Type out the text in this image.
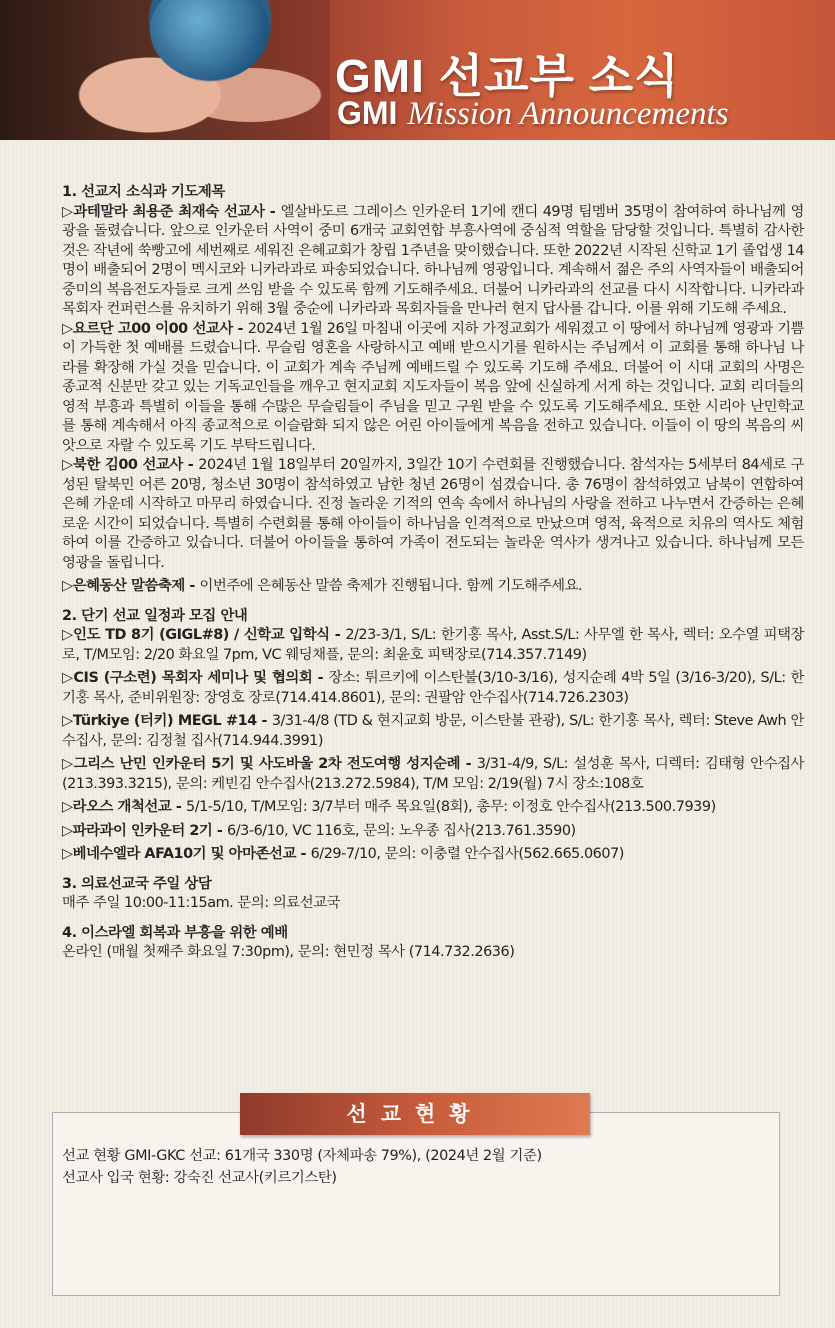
GMI 선교부 소식
GMI Mission Announcements
1. 선교지 소식과 기도제목
▷과테말라 최용준 최재숙 선교사 - 엘살바도르 그레이스 인카운터 1기에 캔디 49명 팀멤버 35명이 참여하여 하나님께 영광을 돌렸습니다. 앞으로 인카운터 사역이 중미 6개국 교회연합 부흥사역에 중심적 역할을 담당할 것입니다. 특별히 감사한 것은 작년에 쑥빵고에 세번째로 세워진 은혜교회가 창립 1주년을 맞이했습니다. 또한 2022년 시작된 신학교 1기 졸업생 14명이 배출되어 2명이 멕시코와 니카라과로 파송되었습니다. 하나님께 영광입니다. 계속해서 젊은 주의 사역자들이 배출되어 중미의 복음전도자들로 크게 쓰임 받을 수 있도록 함께 기도해주세요. 더불어 니카라과의 선교를 다시 시작합니다. 니카라과 목회자 컨퍼런스를 유치하기 위해 3월 중순에 니카라과 목회자들을 만나러 현지 답사를 갑니다. 이를 위해 기도해 주세요.
▷요르단 고00 이00 선교사 - 2024년 1월 26일 마침내 이곳에 지하 가정교회가 세워졌고 이 땅에서 하나님께 영광과 기쁨이 가득한 첫 예배를 드렸습니다. 무슬림 영혼을 사랑하시고 예배 받으시기를 원하시는 주님께서 이 교회를 통해 하나님 나라를 확장해 가실 것을 믿습니다. 이 교회가 계속 주님께 예배드릴 수 있도록 기도해 주세요. 더불어 이 시대 교회의 사명은 종교적 신분만 갖고 있는 기독교인들을 깨우고 현지교회 지도자들이 복음 앞에 신실하게 서게 하는 것입니다. 교회 리더들의 영적 부흥과 특별히 이들을 통해 수많은 무슬림들이 주님을 믿고 구원 받을 수 있도록 기도해주세요. 또한 시리아 난민학교를 통해 계속해서 아직 종교적으로 이슬람화 되지 않은 어린 아이들에게 복음을 전하고 있습니다. 이들이 이 땅의 복음의 씨앗으로 자랄 수 있도록 기도 부탁드립니다.
▷북한 김00 선교사 - 2024년 1월 18일부터 20일까지, 3일간 10기 수련회를 진행했습니다. 참석자는 5세부터 84세로 구성된 탈북민 어른 20명, 청소년 30명이 참석하였고 남한 청년 26명이 섬겼습니다. 총 76명이 참석하였고 남북이 연합하여 은혜 가운데 시작하고 마무리 하였습니다. 진정 놀라운 기적의 연속 속에서 하나님의 사랑을 전하고 나누면서 간증하는 은혜로운 시간이 되었습니다. 특별히 수련회를 통해 아이들이 하나님을 인격적으로 만났으며 영적, 육적으로 치유의 역사도 체험하여 이를 간증하고 있습니다. 더불어 아이들을 통하여 가족이 전도되는 놀라운 역사가 생겨나고 있습니다. 하나님께 모든 영광을 돌립니다.
▷은혜동산 말씀축제 - 이번주에 은혜동산 말씀 축제가 진행됩니다. 함께 기도해주세요.
2. 단기 선교 일정과 모집 안내
▷인도 TD 8기 (GIGL#8) / 신학교 입학식 - 2/23-3/1, S/L: 한기홍 목사, Asst.S/L: 사무엘 한 목사, 렉터: 오수열 피택장로, T/M모임: 2/20 화요일 7pm, VC 웨딩채플, 문의: 최윤호 피택장로(714.357.7149)
▷CIS (구소련) 목회자 세미나 및 협의회 - 장소: 튀르키에 이스탄불(3/10-3/16), 성지순례 4박 5일 (3/16-3/20), S/L: 한기홍 목사, 준비위원장: 장영호 장로(714.414.8601), 문의: 권팔암 안수집사(714.726.2303)
▷Türkiye (터키) MEGL #14 - 3/31-4/8 (TD & 현지교회 방문, 이스탄불 관광), S/L: 한기홍 목사, 렉터: Steve Awh 안수집사, 문의: 김정철 집사(714.944.3991)
▷그리스 난민 인카운터 5기 및 사도바울 2차 전도여행 성지순례 - 3/31-4/9, S/L: 설성훈 목사, 디렉터: 김태형 안수집사(213.393.3215), 문의: 케빈김 안수집사(213.272.5984), T/M 모임: 2/19(월) 7시 장소:108호
▷라오스 개척선교 - 5/1-5/10, T/M모임: 3/7부터 매주 목요일(8회), 총무: 이정호 안수집사(213.500.7939)
▷파라과이 인카운터 2기 - 6/3-6/10, VC 116호, 문의: 노우종 집사(213.761.3590)
▷베네수엘라 AFA10기 및 아마존선교 - 6/29-7/10, 문의: 이충렬 안수집사(562.665.0607)
3. 의료선교국 주일 상담
매주 주일 10:00-11:15am. 문의: 의료선교국
4. 이스라엘 회복과 부흥을 위한 예배
온라인 (매월 첫째주 화요일 7:30pm), 문의: 현민정 목사 (714.732.2636)
선교현황
선교 현황 GMI-GKC 선교: 61개국 330명 (자체파송 79%), (2024년 2월 기준)
선교사 입국 현황: 강숙진 선교사(키르기스탄)
